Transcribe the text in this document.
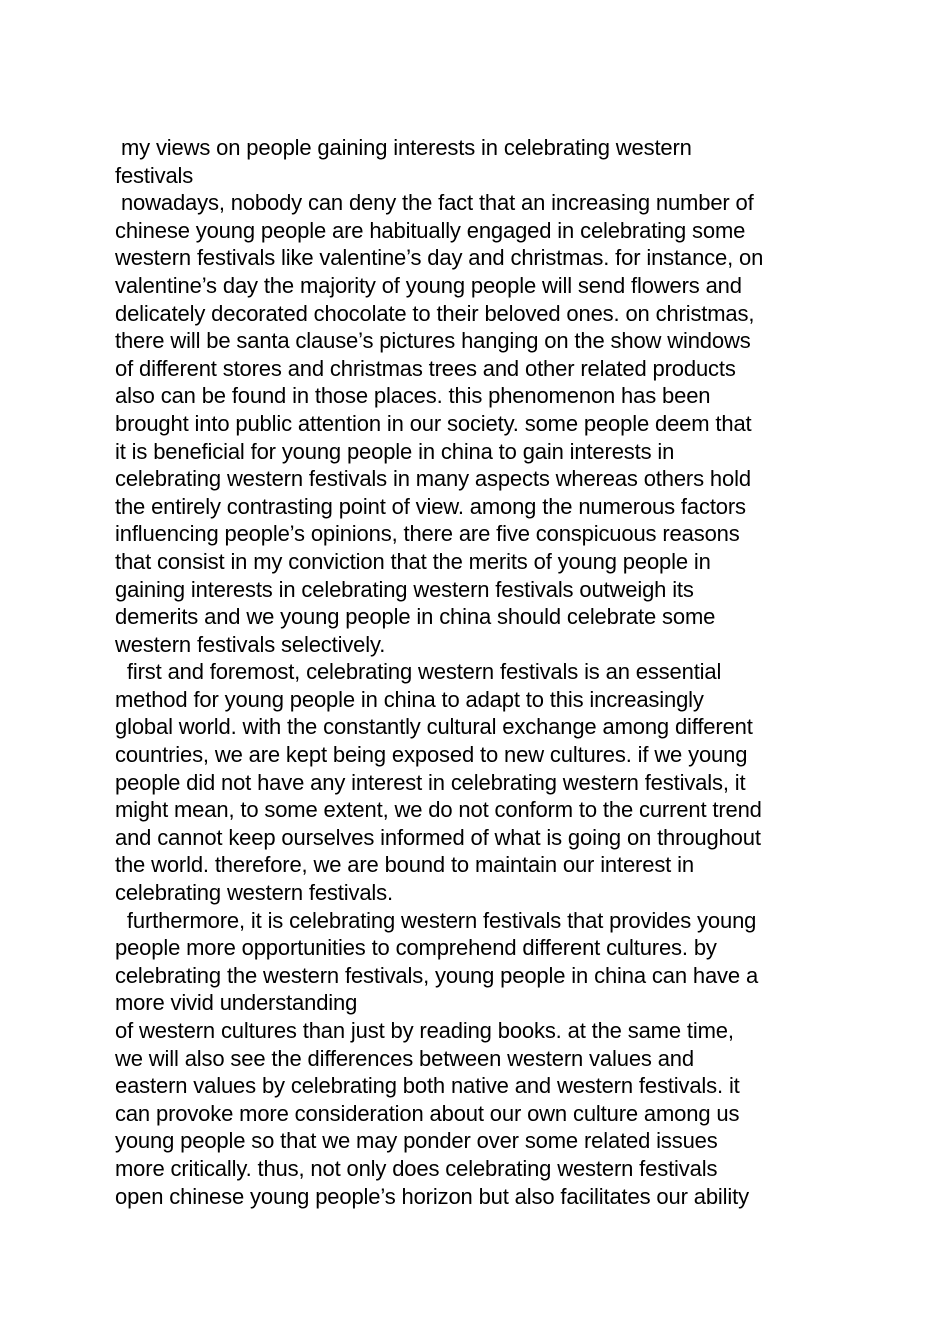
my views on people gaining interests in celebrating western
festivals
nowadays, nobody can deny the fact that an increasing number of
chinese young people are habitually engaged in celebrating some
western festivals like valentine’s day and christmas. for instance, on
valentine’s day the majority of young people will send flowers and
delicately decorated chocolate to their beloved ones. on christmas,
there will be santa clause’s pictures hanging on the show windows
of different stores and christmas trees and other related products
also can be found in those places. this phenomenon has been
brought into public attention in our society. some people deem that
it is beneficial for young people in china to gain interests in
celebrating western festivals in many aspects whereas others hold
the entirely contrasting point of view. among the numerous factors
influencing people’s opinions, there are five conspicuous reasons
that consist in my conviction that the merits of young people in
gaining interests in celebrating western festivals outweigh its
demerits and we young people in china should celebrate some
western festivals selectively.
first and foremost, celebrating western festivals is an essential
method for young people in china to adapt to this increasingly
global world. with the constantly cultural exchange among different
countries, we are kept being exposed to new cultures. if we young
people did not have any interest in celebrating western festivals, it
might mean, to some extent, we do not conform to the current trend
and cannot keep ourselves informed of what is going on throughout
the world. therefore, we are bound to maintain our interest in
celebrating western festivals.
furthermore, it is celebrating western festivals that provides young
people more opportunities to comprehend different cultures. by
celebrating the western festivals, young people in china can have a
more vivid understanding
of western cultures than just by reading books. at the same time,
we will also see the differences between western values and
eastern values by celebrating both native and western festivals. it
can provoke more consideration about our own culture among us
young people so that we may ponder over some related issues
more critically. thus, not only does celebrating western festivals
open chinese young people’s horizon but also facilitates our ability
